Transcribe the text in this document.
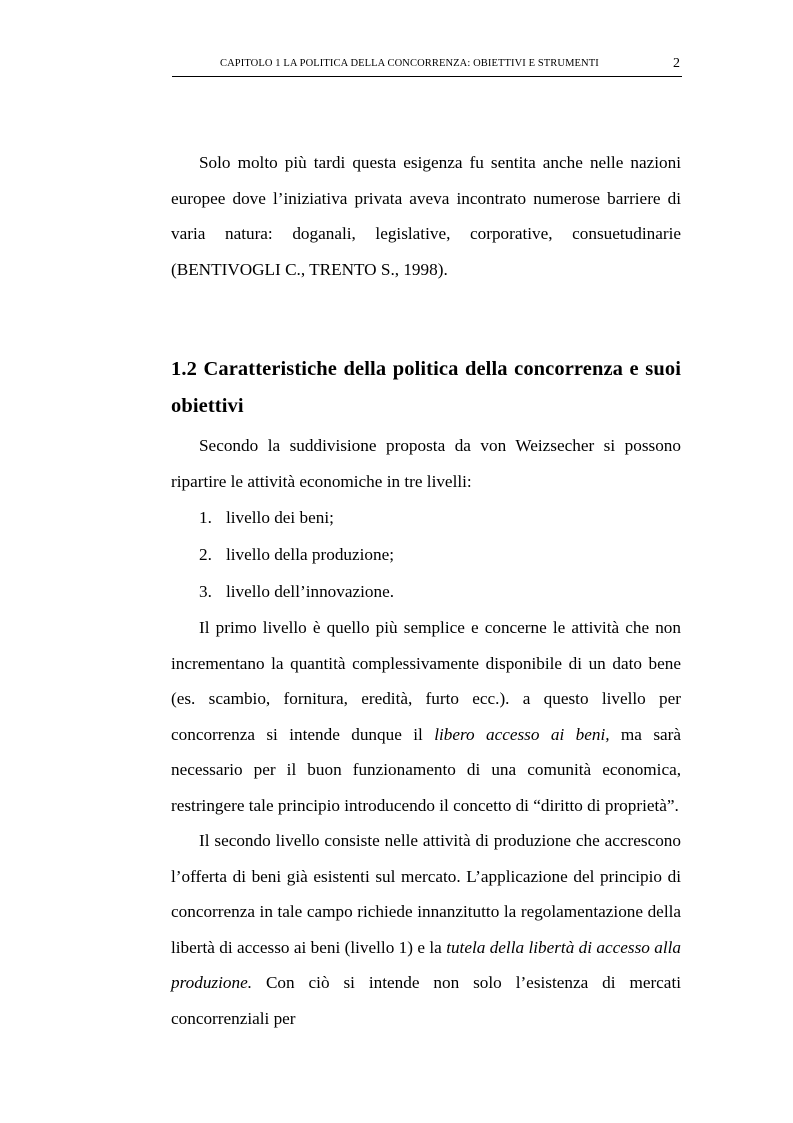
CAPITOLO 1 LA POLITICA DELLA CONCORRENZA: OBIETTIVI E STRUMENTI	2

Solo molto più tardi questa esigenza fu sentita anche nelle nazioni europee dove l’iniziativa privata aveva incontrato numerose barriere di varia natura: doganali, legislative, corporative, consuetudinarie (BENTIVOGLI C., TRENTO S., 1998).

1.2 Caratteristiche della politica della concorrenza e suoi obiettivi

Secondo la suddivisione proposta da von Weizsecher si possono ripartire le attività economiche in tre livelli:

1. livello dei beni;
2. livello della produzione;
3. livello dell’innovazione.

Il primo livello è quello più semplice e concerne le attività che non incrementano la quantità complessivamente disponibile di un dato bene (es. scambio, fornitura, eredità, furto ecc.). a questo livello per concorrenza si intende dunque il libero accesso ai beni, ma sarà necessario per il buon funzionamento di una comunità economica, restringere tale principio introducendo il concetto di “diritto di proprietà”.

Il secondo livello consiste nelle attività di produzione che accrescono l’offerta di beni già esistenti sul mercato. L’applicazione del principio di concorrenza in tale campo richiede innanzitutto la regolamentazione della libertà di accesso ai beni (livello 1) e la tutela della libertà di accesso alla produzione. Con ciò si intende non solo l’esistenza di mercati concorrenziali per
